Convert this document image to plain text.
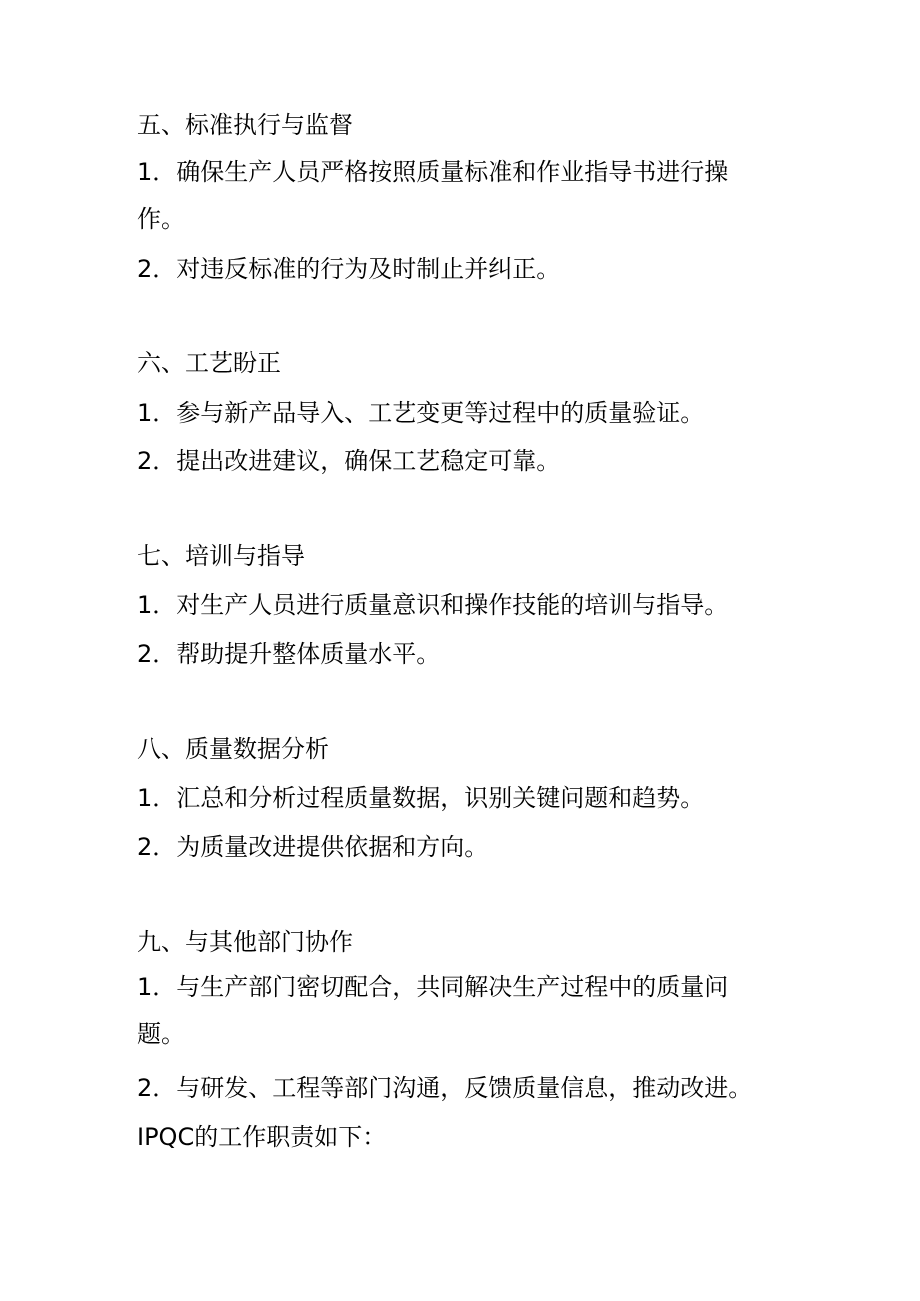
五、标准执行与监督
1．确保生产人员严格按照质量标准和作业指导书进行操作。
2．对违反标准的行为及时制止并纠正。
六、工艺盼正
1．参与新产品导入、工艺变更等过程中的质量验证。
2．提出改进建议，确保工艺稳定可靠。
七、培训与指导
1．对生产人员进行质量意识和操作技能的培训与指导。
2．帮助提升整体质量水平。
八、质量数据分析
1．汇总和分析过程质量数据，识别关键问题和趋势。
2．为质量改进提供依据和方向。
九、与其他部门协作
1．与生产部门密切配合，共同解决生产过程中的质量问题。
2．与研发、工程等部门沟通，反馈质量信息，推动改进。
IPQC的工作职责如下：
